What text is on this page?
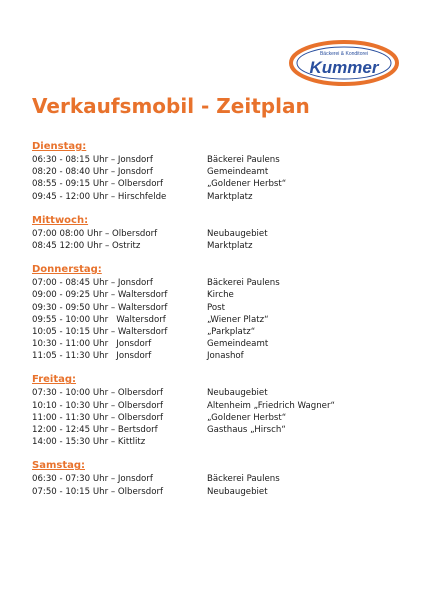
Bäckerei & Konditorei
Kummer
Verkaufsmobil - Zeitplan
Dienstag:
06:30 - 08:15 Uhr – Jonsdorf	Bäckerei Paulens
08:20 - 08:40 Uhr – Jonsdorf	Gemeindeamt
08:55 - 09:15 Uhr – Olbersdorf	„Goldener Herbst“
09:45 - 12:00 Uhr – Hirschfelde	Marktplatz
Mittwoch:
07:00 08:00 Uhr – Olbersdorf	Neubaugebiet
08:45 12:00 Uhr – Ostritz	Marktplatz
Donnerstag:
07:00 - 08:45 Uhr – Jonsdorf	Bäckerei Paulens
09:00 - 09:25 Uhr – Waltersdorf	Kirche
09:30 - 09:50 Uhr – Waltersdorf	Post
09:55 - 10:00 Uhr   Waltersdorf	„Wiener Platz“
10:05 - 10:15 Uhr – Waltersdorf	„Parkplatz“
10:30 - 11:00 Uhr   Jonsdorf	Gemeindeamt
11:05 - 11:30 Uhr   Jonsdorf	Jonashof
Freitag:
07:30 - 10:00 Uhr – Olbersdorf	Neubaugebiet
10:10 - 10:30 Uhr – Olbersdorf	Altenheim „Friedrich Wagner“
11:00 - 11:30 Uhr – Olbersdorf	„Goldener Herbst“
12:00 - 12:45 Uhr – Bertsdorf	Gasthaus „Hirsch“
14:00 - 15:30 Uhr – Kittlitz
Samstag:
06:30 - 07:30 Uhr – Jonsdorf	Bäckerei Paulens
07:50 - 10:15 Uhr – Olbersdorf	Neubaugebiet
